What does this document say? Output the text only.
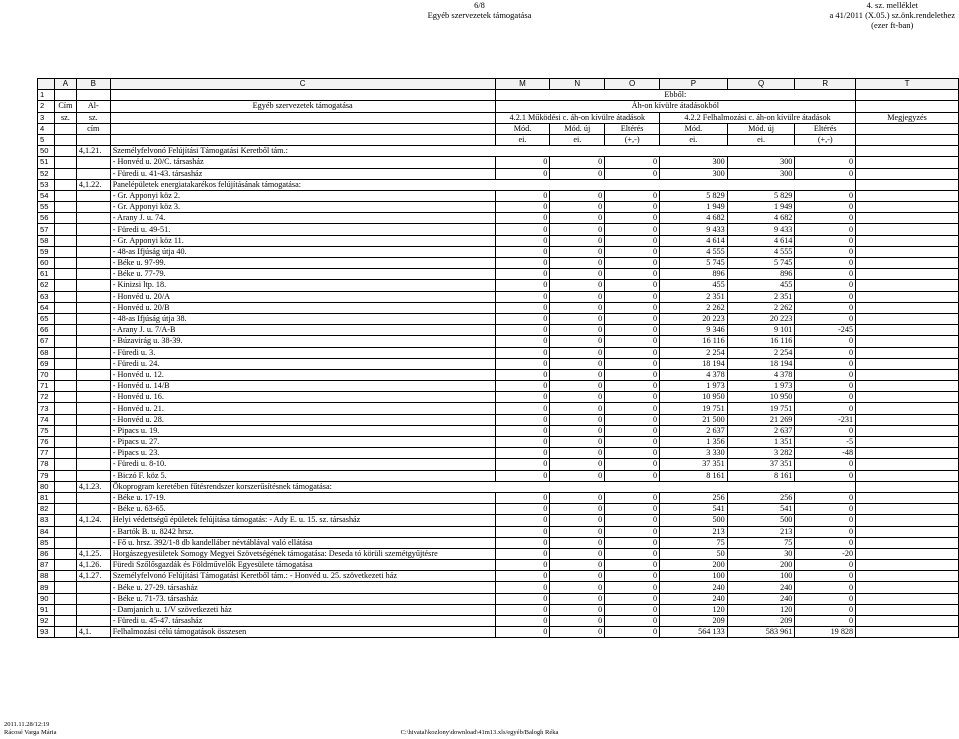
6/8
Egyéb szervezetek támogatása
4. sz. melléklet
a 41/2011 (X.05.) sz.önk.rendelethez
(ezer ft-ban)
	A	B	C	M	N	O	P	Q	R	T
1				Ebből:						
2	Cím	Al-	Egyéb szervezetek támogatása	Áh-on kívülre átadásokból						
3	sz.	sz.		4.2.1 Működési c. áh-on kívülre átadások			4.2.2 Felhalmozási c. áh-on kívülre átadások			Megjegyzés
4		cím		Mód.	Mód. új	Eltérés	Mód.	Mód. új	Eltérés	
5				ei.	ei.	(+,-)	ei.	ei.	(+,-)	
50		4,1.21.	Személyfelvonó Felújítási Támogatási Keretből tám.:							
51			- Honvéd u. 20/C. társasház	0	0	0	300	300	0	
52			- Füredi u. 41-43. társasház	0	0	0	300	300	0	
53		4,1.22.	Panelépületek energiatakarékos felújításának támogatása:							
54			- Gr. Apponyi köz 2.	0	0	0	5 829	5 829	0	
55			- Gr. Apponyi köz 3.	0	0	0	1 949	1 949	0	
56			- Arany J. u. 74.	0	0	0	4 682	4 682	0	
57			- Füredi u. 49-51.	0	0	0	9 433	9 433	0	
58			- Gr. Apponyi köz 11.	0	0	0	4 614	4 614	0	
59			- 48-as Ifjúság útja 40.	0	0	0	4 555	4 555	0	
60			- Béke u. 97-99.	0	0	0	5 745	5 745	0	
61			- Béke u. 77-79.	0	0	0	896	896	0	
62			- Kinizsi ltp. 18.	0	0	0	455	455	0	
63			- Honvéd u. 20/A	0	0	0	2 351	2 351	0	
64			- Honvéd u. 20/B	0	0	0	2 262	2 262	0	
65			- 48-as Ifjúság útja 38.	0	0	0	20 223	20 223	0	
66			- Arany J. u. 7/A-B	0	0	0	9 346	9 101	-245	
67			- Búzavirág u. 38-39.	0	0	0	16 116	16 116	0	
68			- Füredi u. 3.	0	0	0	2 254	2 254	0	
69			- Füredi u. 24.	0	0	0	18 194	18 194	0	
70			- Honvéd u. 12.	0	0	0	4 378	4 378	0	
71			- Honvéd u. 14/B	0	0	0	1 973	1 973	0	
72			- Honvéd u. 16.	0	0	0	10 950	10 950	0	
73			- Honvéd u. 21.	0	0	0	19 751	19 751	0	
74			- Honvéd u. 28.	0	0	0	21 500	21 269	-231	
75			- Pipacs u. 19.	0	0	0	2 637	2 637	0	
76			- Pipacs u. 27.	0	0	0	1 356	1 351	-5	
77			- Pipacs u. 23.	0	0	0	3 330	3 282	-48	
78			- Füredi u. 8-10.	0	0	0	37 351	37 351	0	
79			- Biczó F. köz 5.	0	0	0	8 161	8 161	0	
80		4,1.23.	Ökoprogram keretében fűtésrendszer korszerűsítésnek támogatása:							
81			- Béke u. 17-19.	0	0	0	256	256	0	
82			- Béke u. 63-65.	0	0	0	541	541	0	
83		4,1.24.	Helyi védettségű épületek felújítása támogatás: - Ady E. u. 15. sz. társasház	0	0	0	500	500	0	
84			- Bartók B. u. 8242 hrsz.	0	0	0	213	213	0	
85			- Fő u. hrsz. 392/1-8 db kandelláber névtáblával való ellátása	0	0	0	75	75	0	
86		4,1.25.	Horgászegyesületek Somogy Megyei Szövetségének támogatása: Deseda tó körüli szemétgyűjtésre	0	0	0	50	30	-20	
87		4,1.26.	Füredi Szőlősgazdák és Földművelők Egyesülete támogatása	0	0	0	200	200	0	
88		4,1.27.	Személyfelvonó Felújítási Támogatási Keretből tám.: - Honvéd u. 25. szövetkezeti ház	0	0	0	100	100	0	
89			- Béke u. 27-29. társasház	0	0	0	240	240	0	
90			- Béke u. 71-73. társasház	0	0	0	240	240	0	
91			- Damjanich u. 1/V szövetkezeti ház	0	0	0	120	120	0	
92			- Füredi u. 45-47. társasház	0	0	0	209	209	0	
93		4,1.	Felhalmozási célú támogatások összesen	0	0	0	564 133	583 961	19 828	
2011.11.28/12:19
Rácosé Varga Mária	C:\hivatal\kozlony\download\41m13.xls/egyéb/Balogh Réka
